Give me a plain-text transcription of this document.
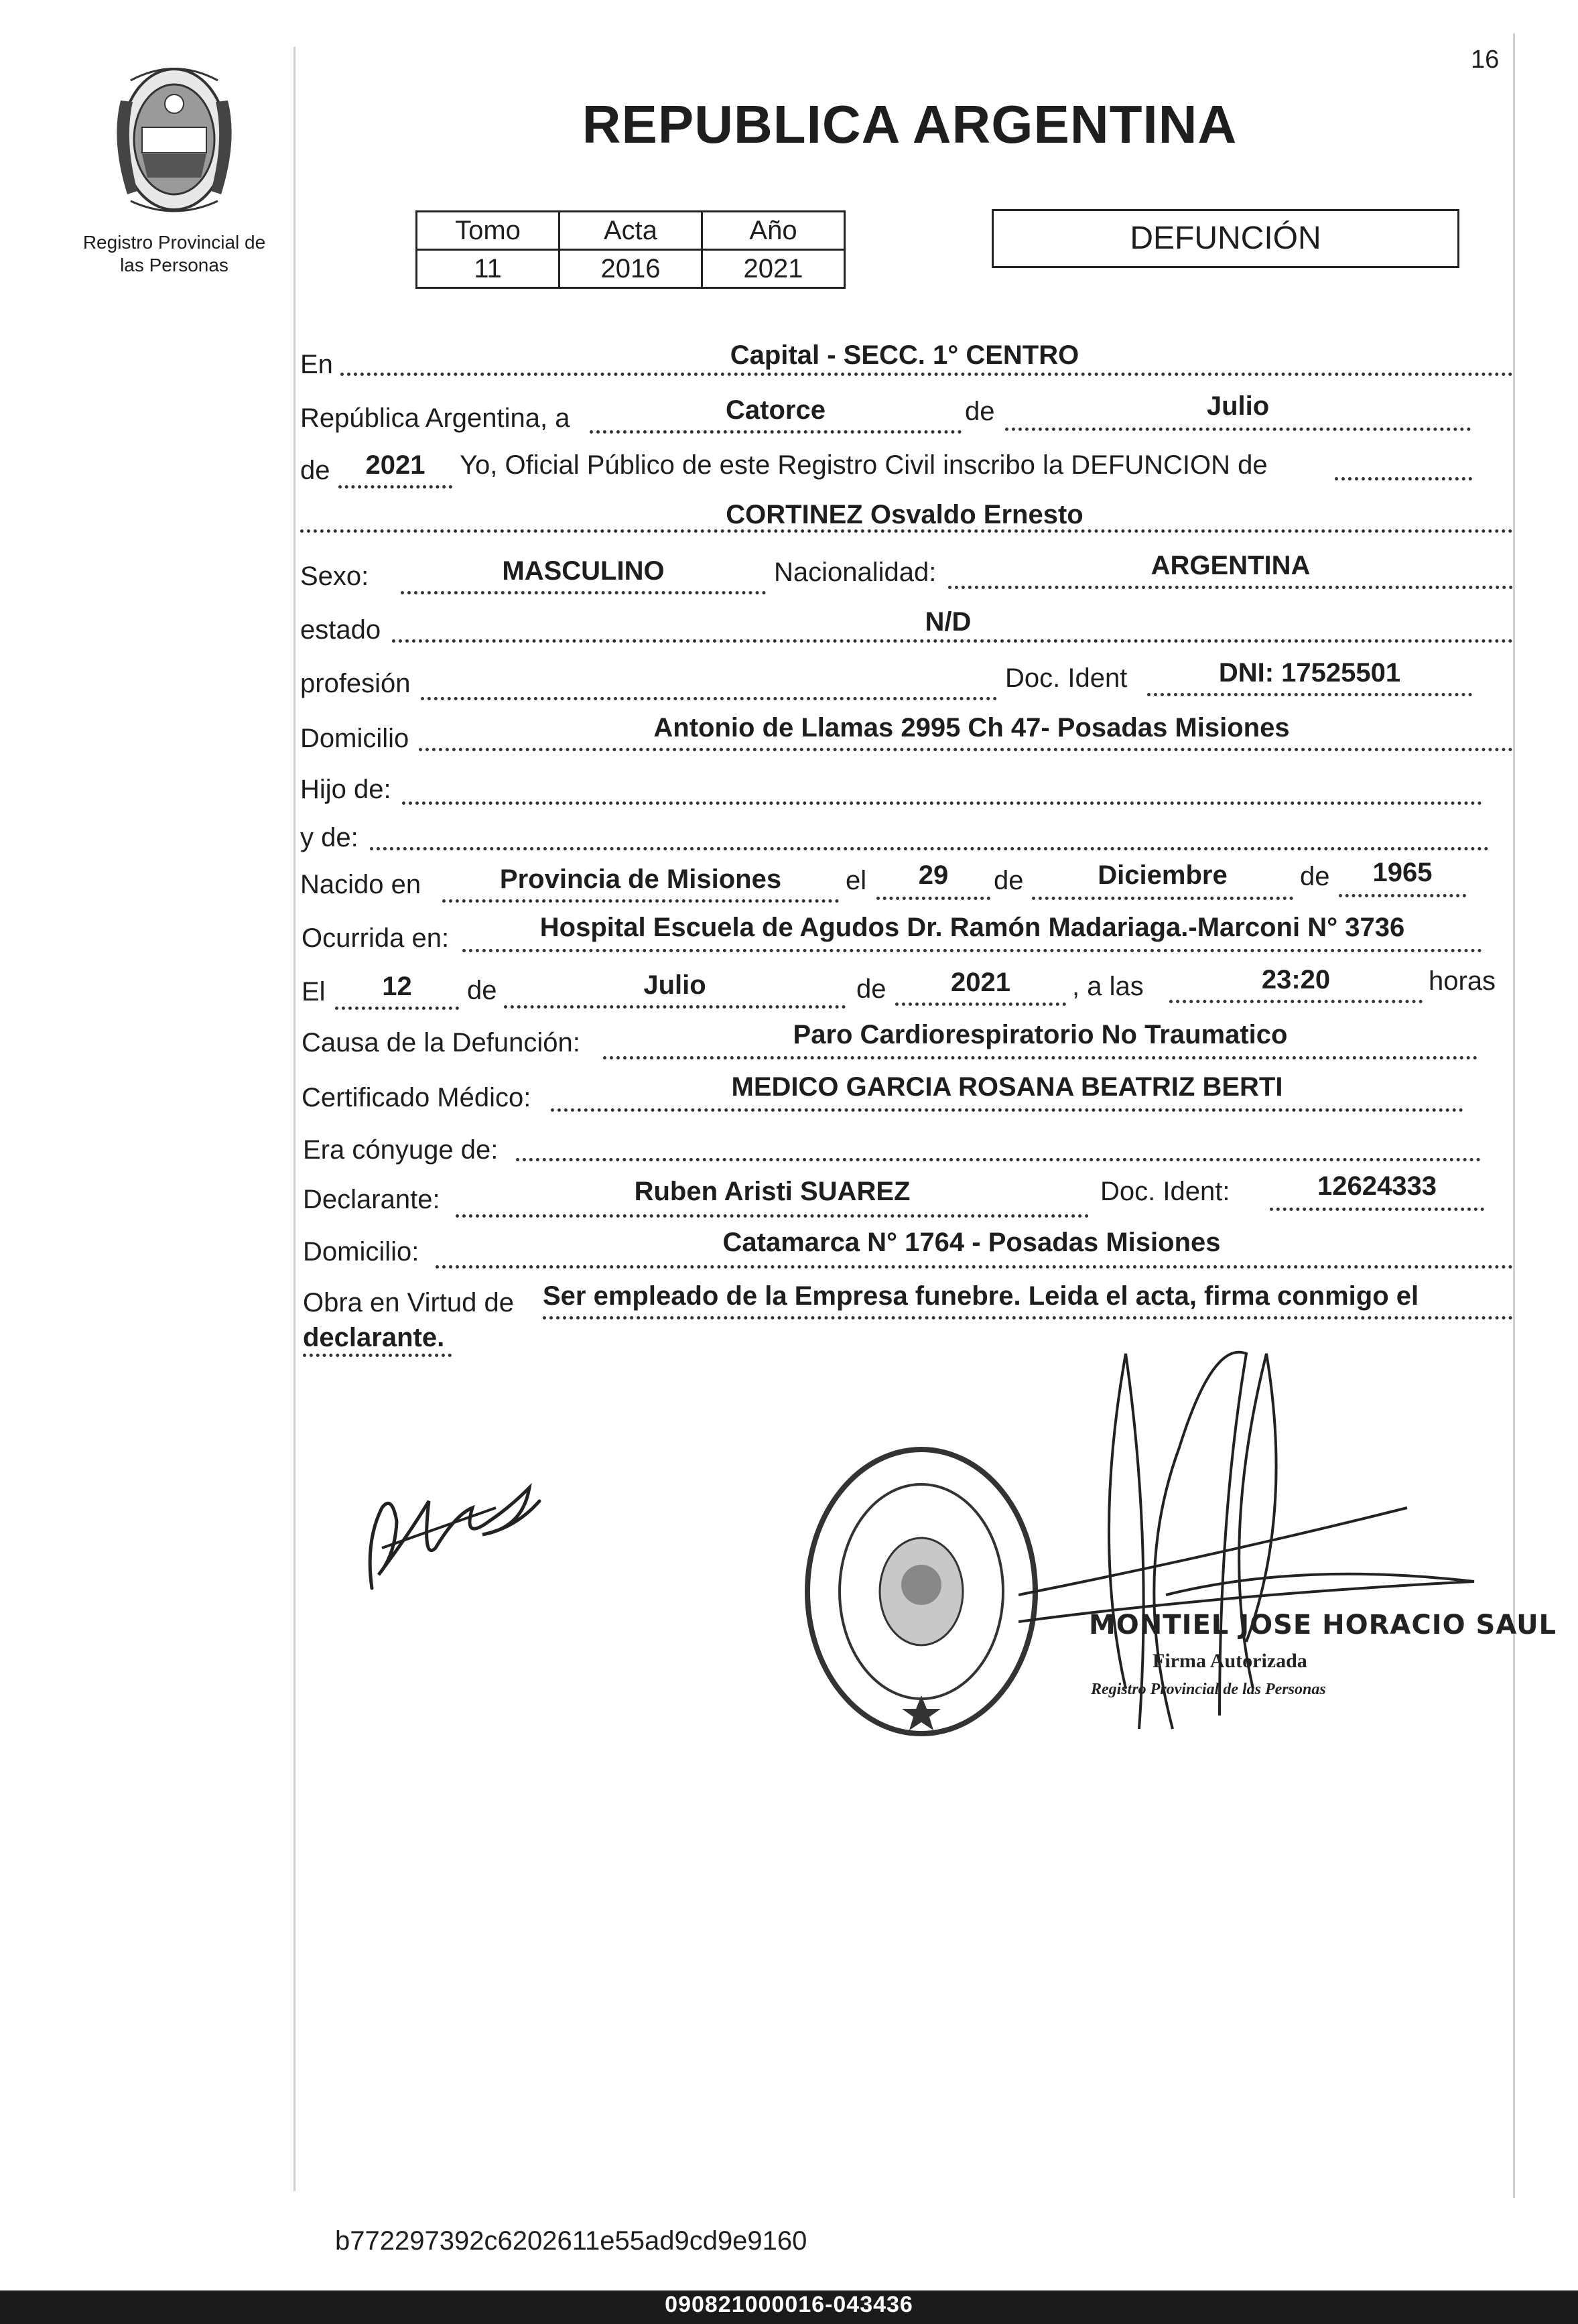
Registro Provincial de
las Personas
16
REPUBLICA ARGENTINA
Tomo	Acta	Año
11	2016	2021
DEFUNCIÓN
En	Capital - SECC. 1° CENTRO
República Argentina, a	Catorce	de	Julio
de	2021	Yo, Oficial Público de este Registro Civil inscribo la DEFUNCION de
CORTINEZ Osvaldo Ernesto
Sexo:	MASCULINO	Nacionalidad:	ARGENTINA
estado	N/D
profesión	Doc. Ident	DNI: 17525501
Domicilio	Antonio de Llamas 2995 Ch 47- Posadas Misiones
Hijo de:
y de:
Nacido en	Provincia de Misiones	el	29	de	Diciembre	de	1965
Ocurrida en:	Hospital Escuela de Agudos Dr. Ramón Madariaga.-Marconi N° 3736
El	12	de	Julio	de	2021	, a las	23:20	horas
Causa de la Defunción:	Paro Cardiorespiratorio No Traumatico
Certificado Médico:	MEDICO GARCIA ROSANA BEATRIZ BERTI
Era cónyuge de:
Declarante:	Ruben Aristi SUAREZ	Doc. Ident:	12624333
Domicilio:	Catamarca N° 1764 - Posadas Misiones
Obra en Virtud de Ser empleado de la Empresa funebre. Leida el acta, firma conmigo el
declarante.
MONTIEL JOSE HORACIO SAUL
Firma Autorizada
Registro Provincial de las Personas
b772297392c6202611e55ad9cd9e9160
090821000016-043436
